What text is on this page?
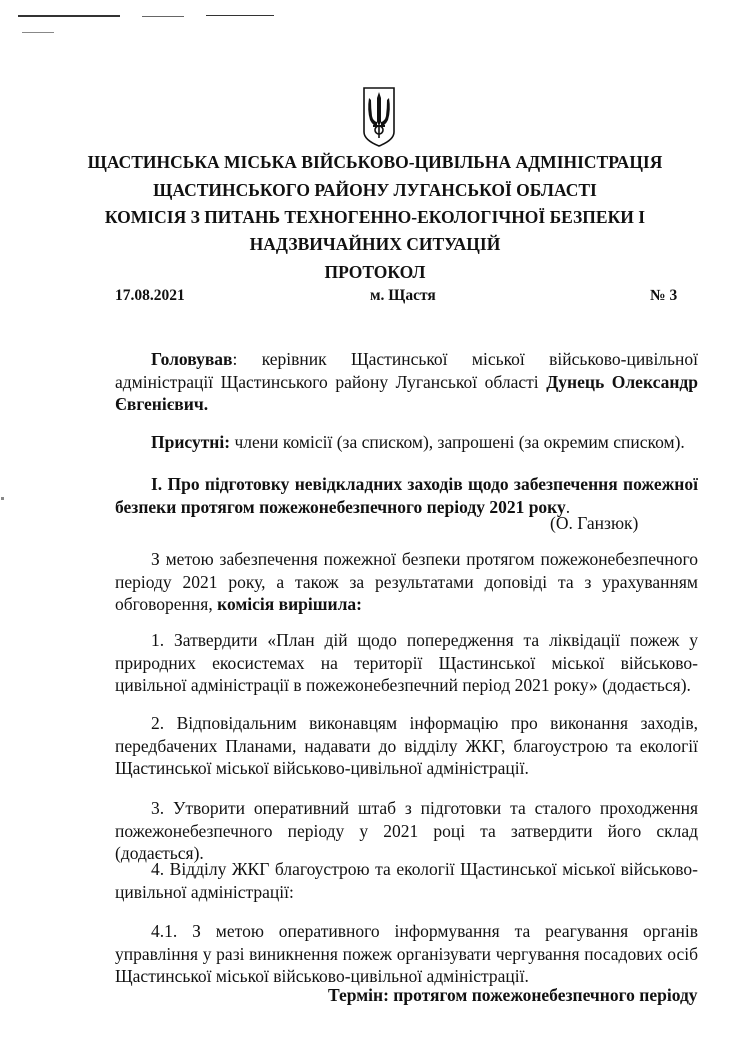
ЩАСТИНСЬКА МІСЬКА ВІЙСЬКОВО-ЦИВІЛЬНА АДМІНІСТРАЦІЯ
ЩАСТИНСЬКОГО РАЙОНУ ЛУГАНСЬКОЇ ОБЛАСТІ
КОМІСІЯ З ПИТАНЬ ТЕХНОГЕННО-ЕКОЛОГІЧНОЇ БЕЗПЕКИ І
НАДЗВИЧАЙНИХ СИТУАЦІЙ
ПРОТОКОЛ
17.08.2021	м. Щастя	№ 3
Головував: керівник Щастинської міської військово-цивільної адміністрації Щастинського району Луганської області Дунець Олександр Євгенієвич.
Присутні: члени комісії (за списком), запрошені (за окремим списком).
І. Про підготовку невідкладних заходів щодо забезпечення пожежної безпеки протягом пожежонебезпечного періоду 2021 року.
(О. Ганзюк)
З метою забезпечення пожежної безпеки протягом пожежонебезпечного періоду 2021 року, а також за результатами доповіді та з урахуванням обговорення, комісія вирішила:
1. Затвердити «План дій щодо попередження та ліквідації пожеж у природних екосистемах на території Щастинської міської військово-цивільної адміністрації в пожежонебезпечний період 2021 року» (додається).
2. Відповідальним виконавцям інформацію про виконання заходів, передбачених Планами, надавати до відділу ЖКГ, благоустрою та екології Щастинської міської військово-цивільної адміністрації.
3. Утворити оперативний штаб з підготовки та сталого проходження пожежонебезпечного періоду у 2021 році та затвердити його склад (додається).
4. Відділу ЖКГ благоустрою та екології Щастинської міської військово-цивільної адміністрації:
4.1. З метою оперативного інформування та реагування органів управління у разі виникнення пожеж організувати чергування посадових осіб Щастинської міської військово-цивільної адміністрації.
Термін: протягом пожежонебезпечного періоду
